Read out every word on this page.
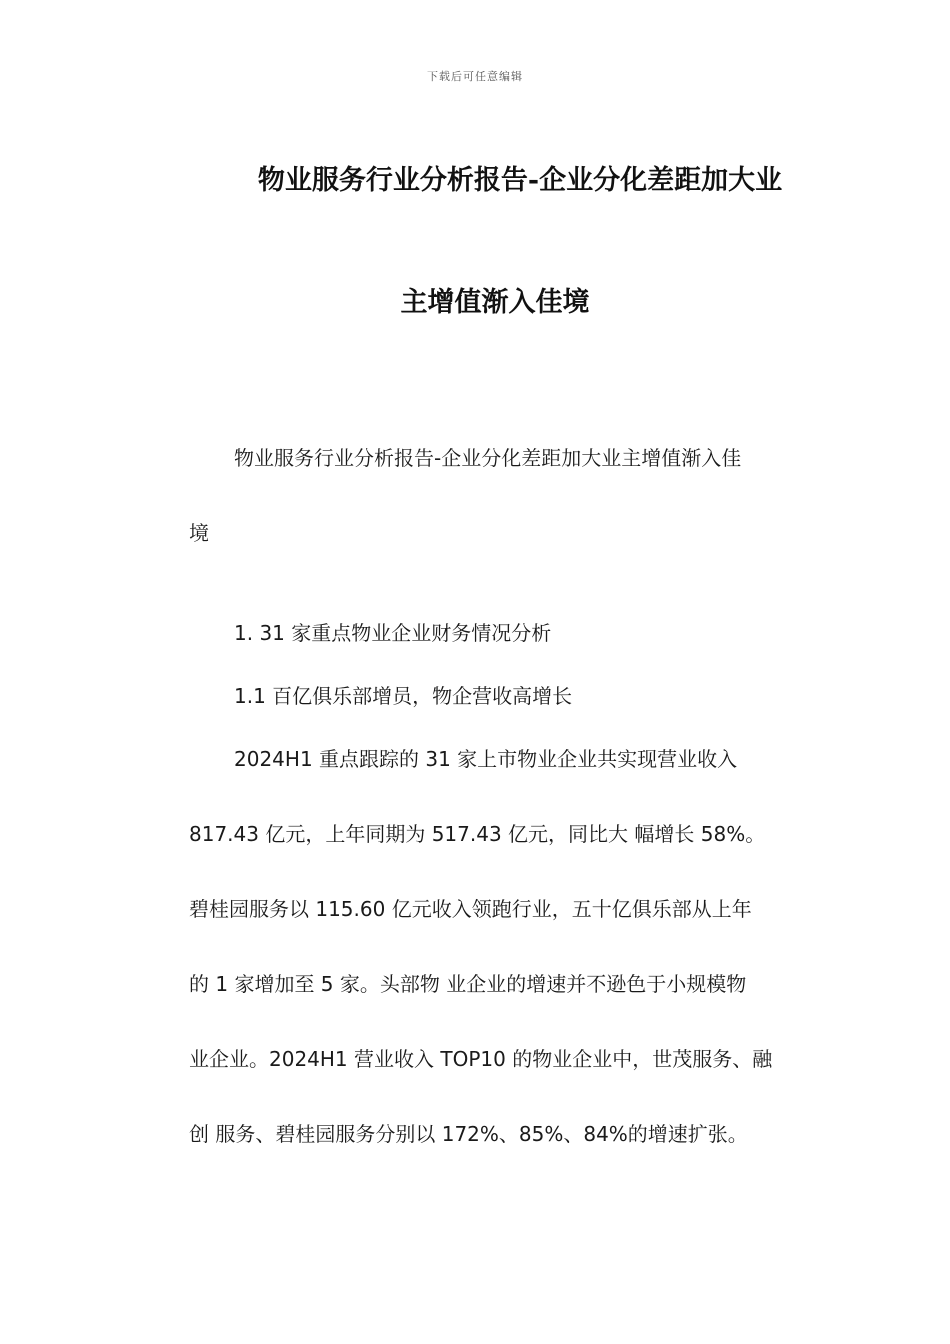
下载后可任意编辑
物业服务行业分析报告-企业分化差距加大业
主增值渐入佳境
物业服务行业分析报告-企业分化差距加大业主增值渐入佳
境
1. 31 家重点物业企业财务情况分析
1.1 百亿俱乐部增员，物企营收高增长
2024H1 重点跟踪的 31 家上市物业企业共实现营业收入
817.43 亿元，上年同期为 517.43 亿元，同比大 幅增长 58%。
碧桂园服务以 115.60 亿元收入领跑行业，五十亿俱乐部从上年
的 1 家增加至 5 家。头部物 业企业的增速并不逊色于小规模物
业企业。2024H1 营业收入 TOP10 的物业企业中，世茂服务、融
创 服务、碧桂园服务分别以 172%、85%、84%的增速扩张。
